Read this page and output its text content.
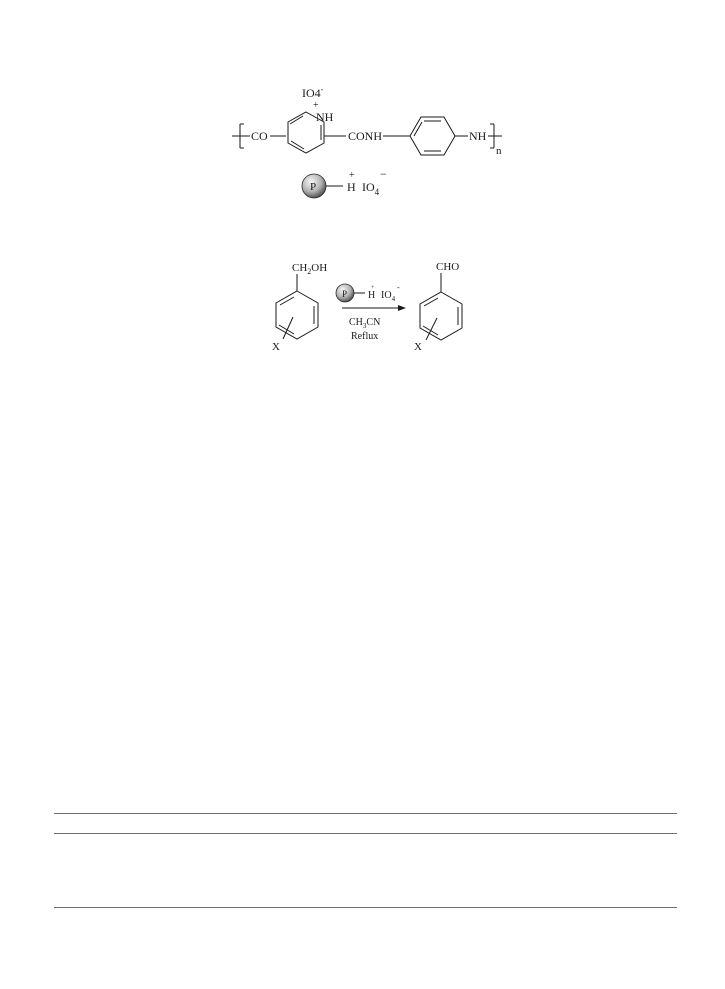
IO4-
+
NH
CO	CONH	NH
n
P
+
H $IO_4$
−
$CH_2OH$
X
P H
+
$IO_4$
-
$CH_3CN$
Reflux
CHO
X
